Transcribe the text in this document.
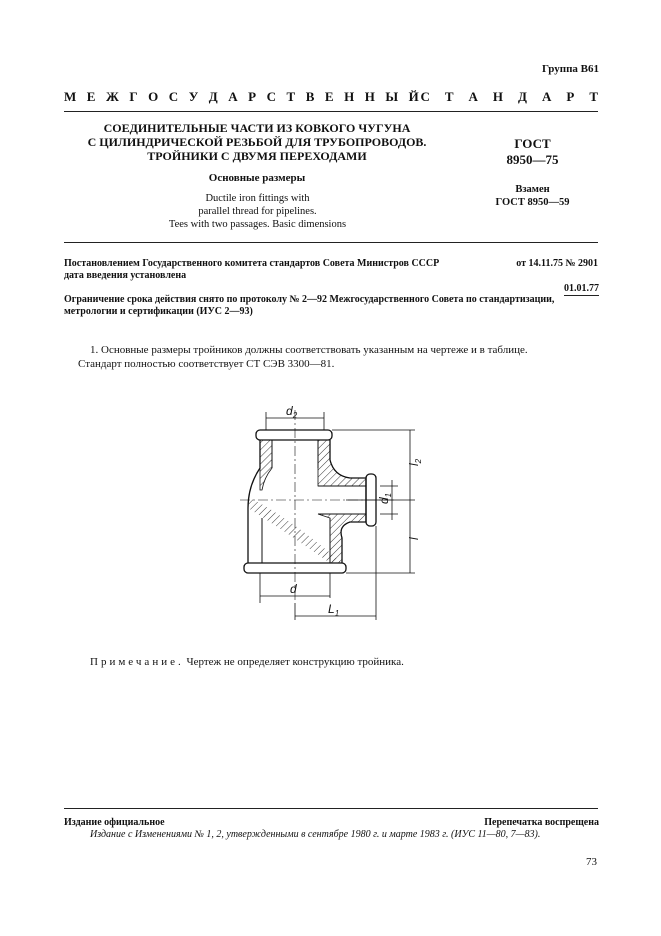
Группа В61
М Е Ж Г О С У Д А Р С Т В Е Н Н Ы Й С Т А Н Д А Р Т
СОЕДИНИТЕЛЬНЫЕ ЧАСТИ ИЗ КОВКОГО ЧУГУНА
С ЦИЛИНДРИЧЕСКОЙ РЕЗЬБОЙ ДЛЯ ТРУБОПРОВОДОВ.
ТРОЙНИКИ С ДВУМЯ ПЕРЕХОДАМИ
Основные размеры
Ductile iron fittings with
parallel thread for pipelines.
Tees with two passages. Basic dimensions
ГОСТ
8950—75
Взамен
ГОСТ 8950—59
Постановлением Государственного комитета стандартов Совета Министров СССР	от 14.11.75 № 2901
дата введения установлена
01.01.77
Ограничение срока действия снято по протоколу № 2—92 Межгосударственного Совета по стандартизации, метрологии и сертификации (ИУС 2—93)
1. Основные размеры тройников должны соответствовать указанным на чертеже и в таблице.
Стандарт полностью соответствует СТ СЭВ 3300—81.
$d_2$
$l_2$
$d_1$
l
d
$L_1$
Примечание. Чертеж не определяет конструкцию тройника.
Издание официальное	Перепечатка воспрещена
Издание с Изменениями № 1, 2, утвержденными в сентябре 1980 г. и марте 1983 г. (ИУС 11—80, 7—83).
73
